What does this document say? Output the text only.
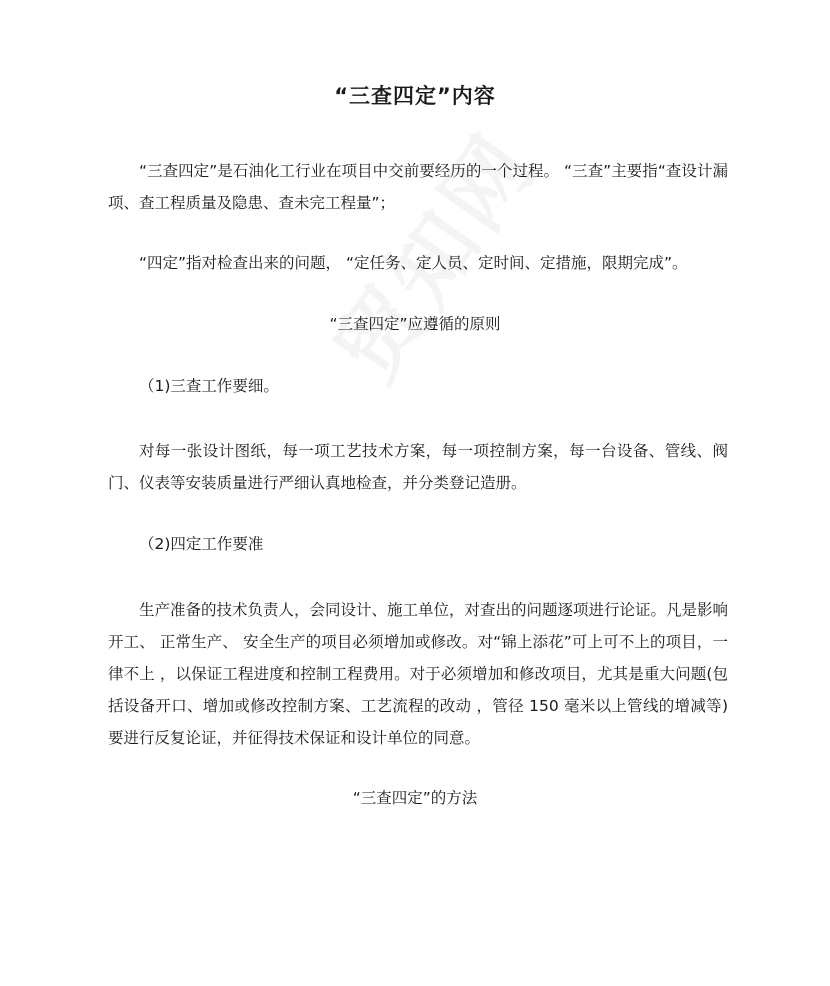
“三查四定”内容

“三查四定”是石油化工行业在项目中交前要经历的一个过程。 “三查”主要指“查设计漏项、查工程质量及隐患、查未完工程量”；

“四定”指对检查出来的问题， “定任务、定人员、定时间、定措施，限期完成”。

“三查四定”应遵循的原则

（1)三查工作要细。

对每一张设计图纸，每一项工艺技术方案，每一项控制方案，每一台设备、管线、阀门、仪表等安装质量进行严细认真地检查，并分类登记造册。

（2)四定工作要准

生产准备的技术负责人，会同设计、施工单位，对查出的问题逐项进行论证。凡是影响开工、 正常生产、 安全生产的项目必须增加或修改。对“锦上添花”可上可不上的项目，一律不上 ，以保证工程进度和控制工程费用。对于必须增加和修改项目，尤其是重大问题(包括设备开口、增加或修改控制方案、工艺流程的改动 ，管径 150 毫米以上管线的增减等)要进行反复论证，并征得技术保证和设计单位的同意。

“三查四定”的方法
